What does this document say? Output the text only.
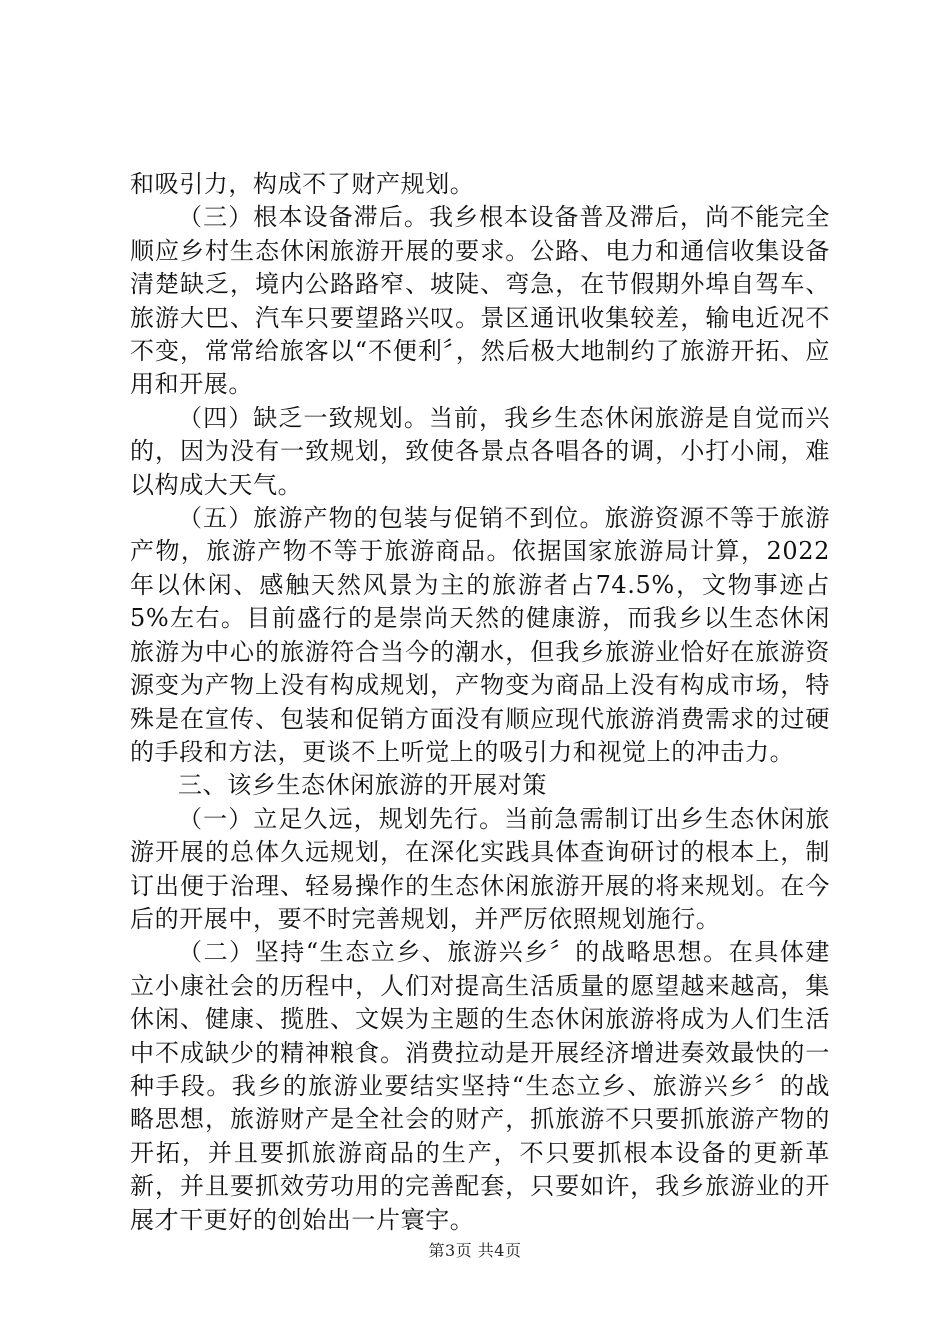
和吸引力，构成不了财产规划。

（三）根本设备滞后。我乡根本设备普及滞后，尚不能完全顺应乡村生态休闲旅游开展的要求。公路、电力和通信收集设备清楚缺乏，境内公路路窄、坡陡、弯急，在节假期外埠自驾车、旅游大巴、汽车只要望路兴叹。景区通讯收集较差，输电近况不不变，常常给旅客以“不便利〞，然后极大地制约了旅游开拓、应用和开展。

（四）缺乏一致规划。当前，我乡生态休闲旅游是自觉而兴的，因为没有一致规划，致使各景点各唱各的调，小打小闹，难以构成大天气。

（五）旅游产物的包装与促销不到位。旅游资源不等于旅游产物，旅游产物不等于旅游商品。依据国家旅游局计算，2022年以休闲、感触天然风景为主的旅游者占74.5%，文物事迹占5%左右。目前盛行的是崇尚天然的健康游，而我乡以生态休闲旅游为中心的旅游符合当今的潮水，但我乡旅游业恰好在旅游资源变为产物上没有构成规划，产物变为商品上没有构成市场，特殊是在宣传、包装和促销方面没有顺应现代旅游消费需求的过硬的手段和方法，更谈不上听觉上的吸引力和视觉上的冲击力。

三、该乡生态休闲旅游的开展对策

（一）立足久远，规划先行。当前急需制订出乡生态休闲旅游开展的总体久远规划，在深化实践具体查询研讨的根本上，制订出便于治理、轻易操作的生态休闲旅游开展的将来规划。在今后的开展中，要不时完善规划，并严厉依照规划施行。

（二）坚持“生态立乡、旅游兴乡〞的战略思想。在具体建立小康社会的历程中，人们对提高生活质量的愿望越来越高，集休闲、健康、揽胜、文娱为主题的生态休闲旅游将成为人们生活中不成缺少的精神粮食。消费拉动是开展经济增进奏效最快的一种手段。我乡的旅游业要结实坚持“生态立乡、旅游兴乡〞的战略思想，旅游财产是全社会的财产，抓旅游不只要抓旅游产物的开拓，并且要抓旅游商品的生产，不只要抓根本设备的更新革新，并且要抓效劳功用的完善配套，只要如许，我乡旅游业的开展才干更好的创始出一片寰宇。

第3页 共4页
